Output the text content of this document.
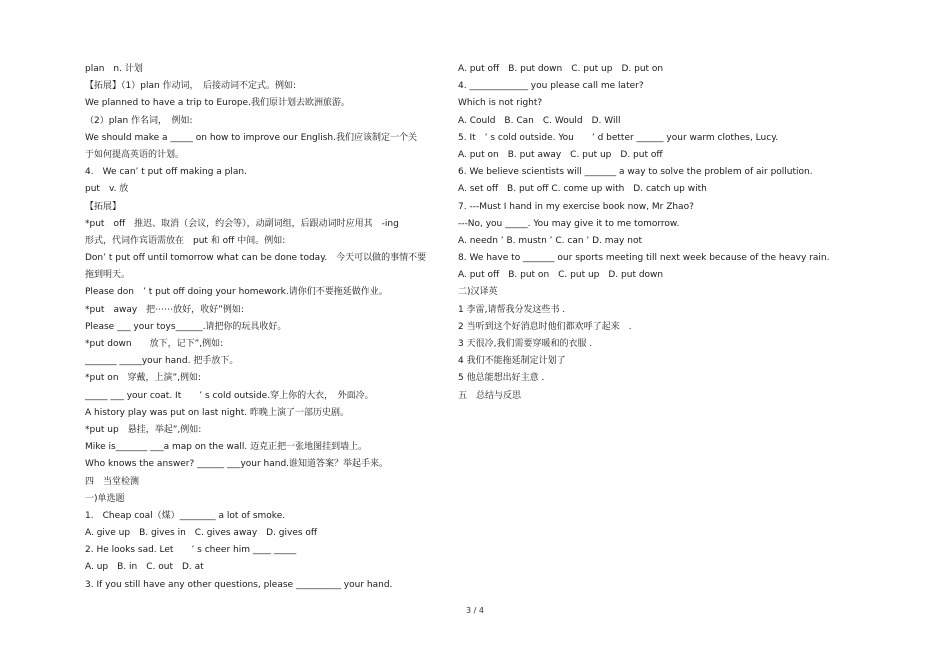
plan　n. 计划
【拓展】（1）plan 作动词，　后接动词不定式。例如:
We planned to have a trip to Europe.我们原计划去欧洲旅游。
（2）plan 作名词，　例如:
We should make a _____ on how to improve our English.我们应该制定一个关
于如何提高英语的计划。
4.　We can’ t put off making a plan.
put　v. 放
【拓展】
*put　off　推迟、取消（会议，约会等），动副词组，后跟动词时应用其　-ing
形式，代词作宾语需放在　put 和 off 中间。例如:
Don’ t put off until tomorrow what can be done today.　今天可以做的事情不要
拖到明天。
Please don　’ t put off doing your homework.请你们不要拖延做作业。
*put　away　把⋯⋯放好，收好”例如:
Please ___ your toys______.请把你的玩具收好。
*put down　　放下，记下”,例如:
_______ _____your hand. 把手放下。
*put on　穿戴，上演”,例如:
_____ ___ your coat. It　　’ s cold outside.穿上你的大衣，　外面冷。
A history play was put on last night. 昨晚上演了一部历史剧。
*put up　悬挂，举起”,例如:
Mike is_______ ___a map on the wall. 迈克正把一张地图挂到墙上。
Who knows the answer? ______ ___your hand.谁知道答案？举起手来。
四　当堂检测
一)单选题
1.　Cheap coal（煤）________ a lot of smoke.
A. give up　B. gives in　C. gives away　D. gives off
2. He looks sad. Let　　’ s cheer him ____ _____
A. up　B. in　C. out　D. at
3. If you still have any other questions, please __________ your hand.
A. put off　B. put down　C. put up　D. put on
4. _____________ you please call me later?
Which is not right?
A. Could　B. Can　C. Would　D. Will
5. It　’ s cold outside. You　　’ d better ______ your warm clothes, Lucy.
A. put on　B. put away　C. put up　D. put off
6. We believe scientists will _______ a way to solve the problem of air pollution.
A. set off　B. put off C. come up with　D. catch up with
7. ---Must I hand in my exercise book now, Mr Zhao?
---No, you _____. You may give it to me tomorrow.
A. needn ’ B. mustn ’ C. can ’ D. may not
8. We have to _______ our sports meeting till next week because of the heavy rain.
A. put off　B. put on　C. put up　D. put down
二)汉译英
1 李雷,请帮我分发这些书 .
2 当听到这个好消息时他们都欢呼了起来　.
3 天很冷,我们需要穿暖和的衣服 .
4 我们不能拖延制定计划了
5 他总能想出好主意 .
五　总结与反思
3 / 4
